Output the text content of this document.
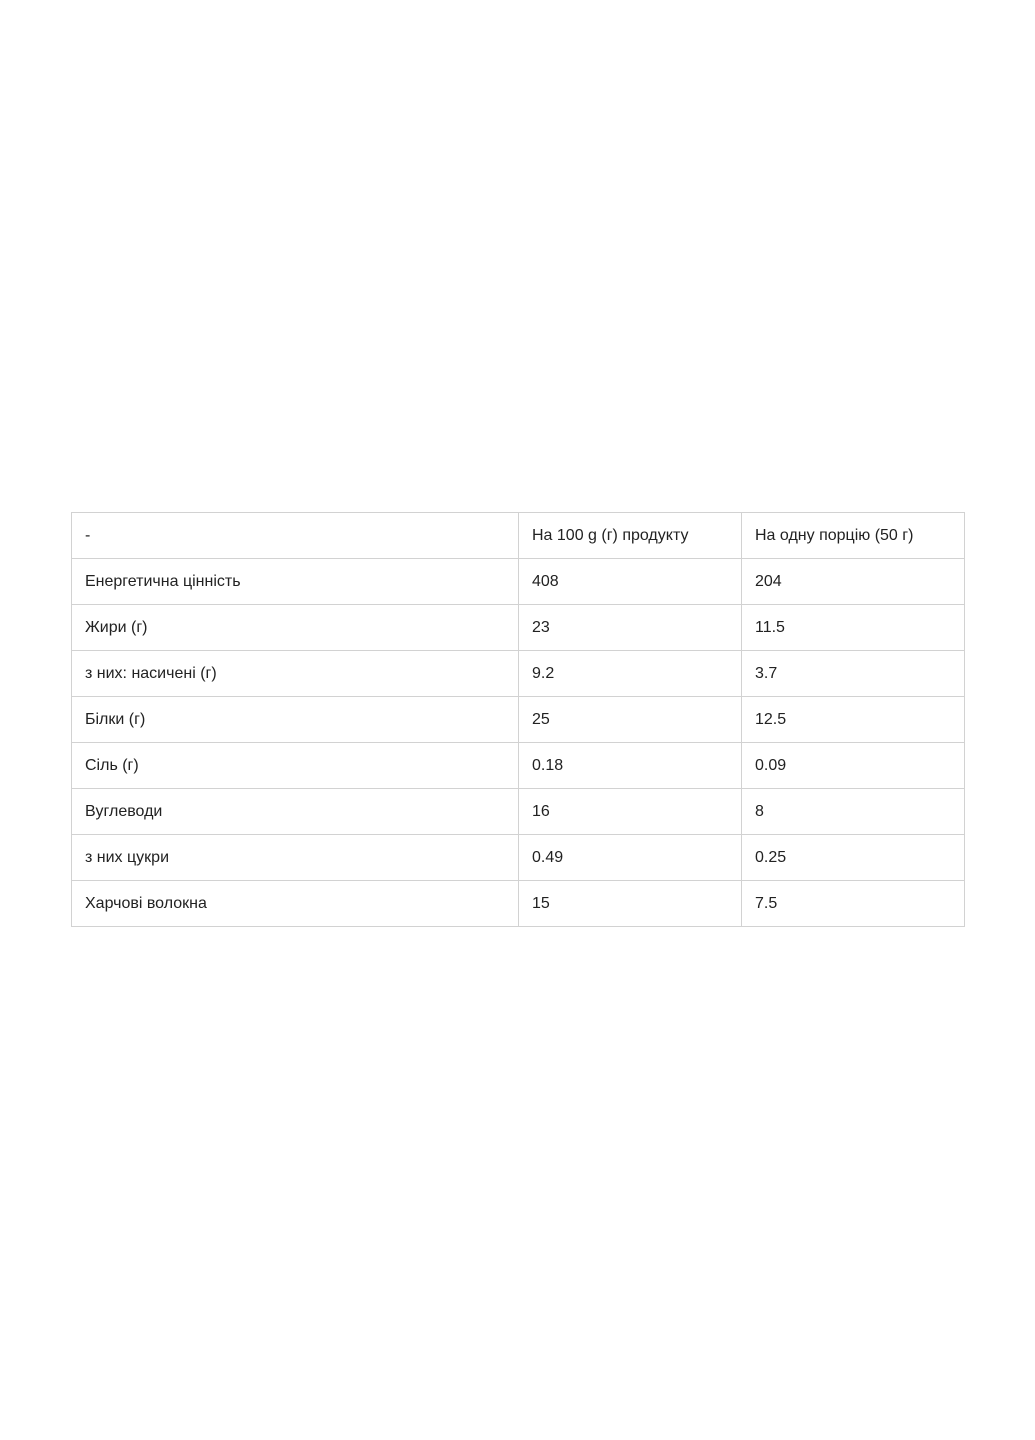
-	На 100 g (г) продукту	На одну порцію (50 г)
Енергетична цінність	408	204
Жири (г)	23	11.5
з них: насичені (г)	9.2	3.7
Білки (г)	25	12.5
Сіль (г)	0.18	0.09
Вуглеводи	16	8
з них цукри	0.49	0.25
Харчові волокна	15	7.5
